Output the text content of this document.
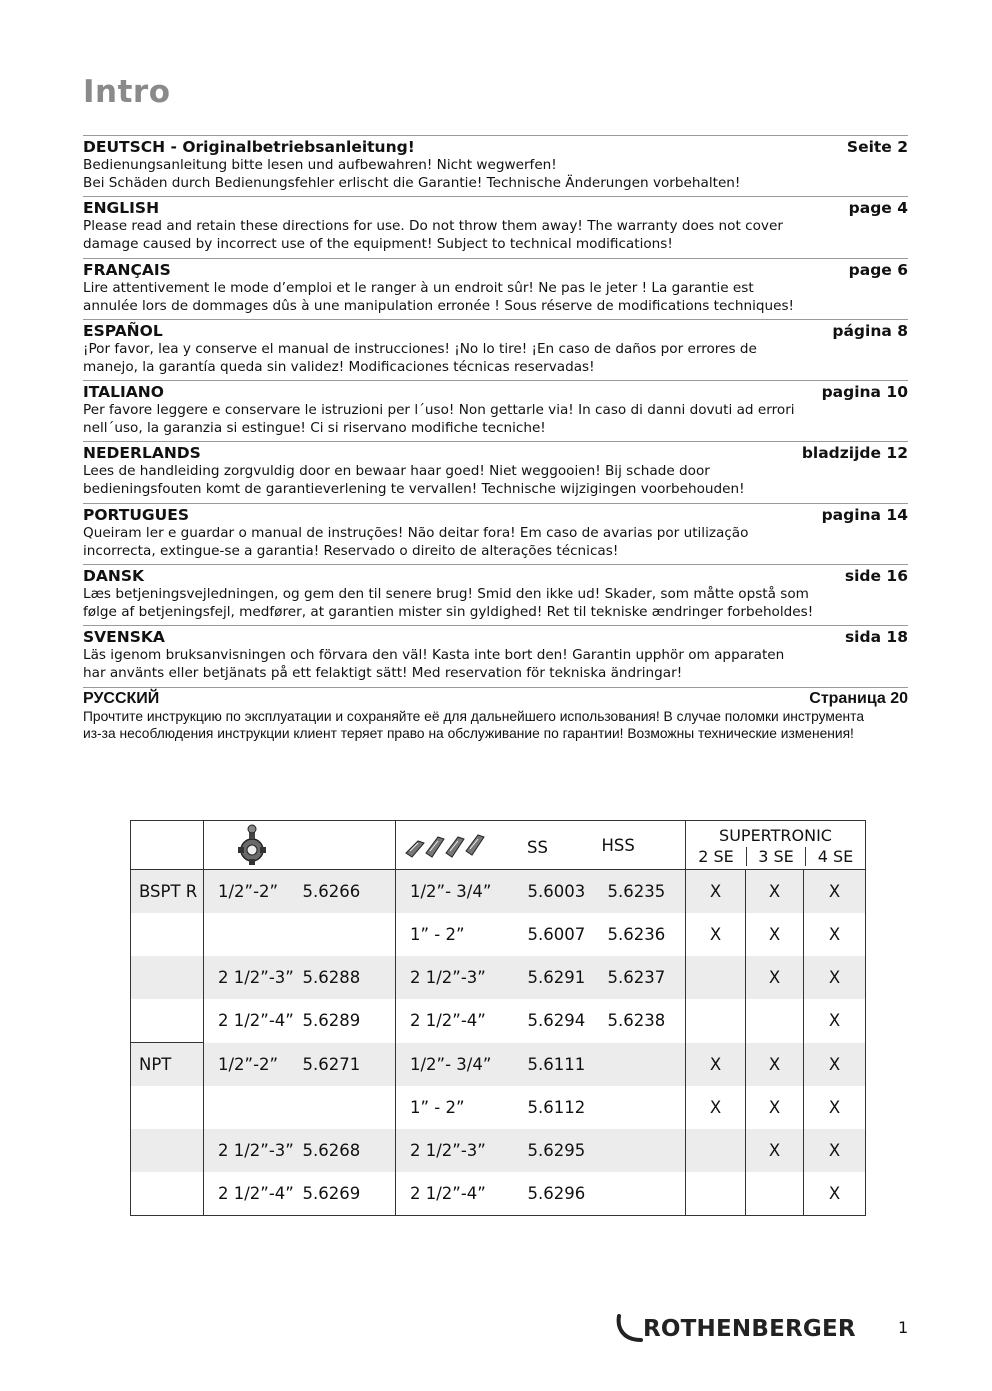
Intro
DEUTSCH - Originalbetriebsanleitung!	Seite 2
Bedienungsanleitung bitte lesen und aufbewahren! Nicht wegwerfen!
Bei Schäden durch Bedienungsfehler erlischt die Garantie! Technische Änderungen vorbehalten!
ENGLISH	page 4
Please read and retain these directions for use. Do not throw them away! The warranty does not cover
damage caused by incorrect use of the equipment! Subject to technical modifications!
FRANÇAIS	page 6
Lire attentivement le mode d’emploi et le ranger à un endroit sûr! Ne pas le jeter ! La garantie est
annulée lors de dommages dûs à une manipulation erronée ! Sous réserve de modifications techniques!
ESPAÑOL	página 8
¡Por favor, lea y conserve el manual de instrucciones! ¡No lo tire! ¡En caso de daños por errores de
manejo, la garantía queda sin validez! Modificaciones técnicas reservadas!
ITALIANO	pagina 10
Per favore leggere e conservare le istruzioni per l´uso! Non gettarle via! In caso di danni dovuti ad errori
nell´uso, la garanzia si estingue! Ci si riservano modifiche tecniche!
NEDERLANDS	bladzijde 12
Lees de handleiding zorgvuldig door en bewaar haar goed! Niet weggooien! Bij schade door
bedieningsfouten komt de garantieverlening te vervallen! Technische wijzigingen voorbehouden!
PORTUGUES	pagina 14
Queiram ler e guardar o manual de instruções! Não deitar fora! Em caso de avarias por utilização
incorrecta, extingue-se a garantia! Reservado o direito de alterações técnicas!
DANSK	side 16
Læs betjeningsvejledningen, og gem den til senere brug! Smid den ikke ud! Skader, som måtte opstå som
følge af betjeningsfejl, medfører, at garantien mister sin gyldighed! Ret til tekniske ændringer forbeholdes!
SVENSKA	sida 18
Läs igenom bruksanvisningen och förvara den väl! Kasta inte bort den! Garantin upphör om apparaten
har använts eller betjänats på ett felaktigt sätt! Med reservation för tekniska ändringar!
РУССКИЙ	Страница 20
Прочтите инструкцию по эксплуатации и сохраняйте её для дальнейшего использования! В случае поломки инструмента
из-за несоблюдения инструкции клиент теряет право на обслуживание по гарантии! Возможны технические изменения!

SS		HSS	SUPERTRONIC
2 SE 3 SE 4 SE		

BSPT R	1/2”-2”	5.6266	1/2”- 3/4”	5.6003	5.6235	X	X	X
			1” - 2”	5.6007	5.6236	X	X	X
	2 1/2”-3”	5.6288	2 1/2”-3”	5.6291	5.6237		X	X
	2 1/2”-4”	5.6289	2 1/2”-4”	5.6294	5.6238			X
NPT	1/2”-2”	5.6271	1/2”- 3/4”	5.6111		X	X	X
			1” - 2”	5.6112		X	X	X
	2 1/2”-3”	5.6268	2 1/2”-3”	5.6295			X	X
	2 1/2”-4”	5.6269	2 1/2”-4”	5.6296				X
ROTHENBERGER	1
